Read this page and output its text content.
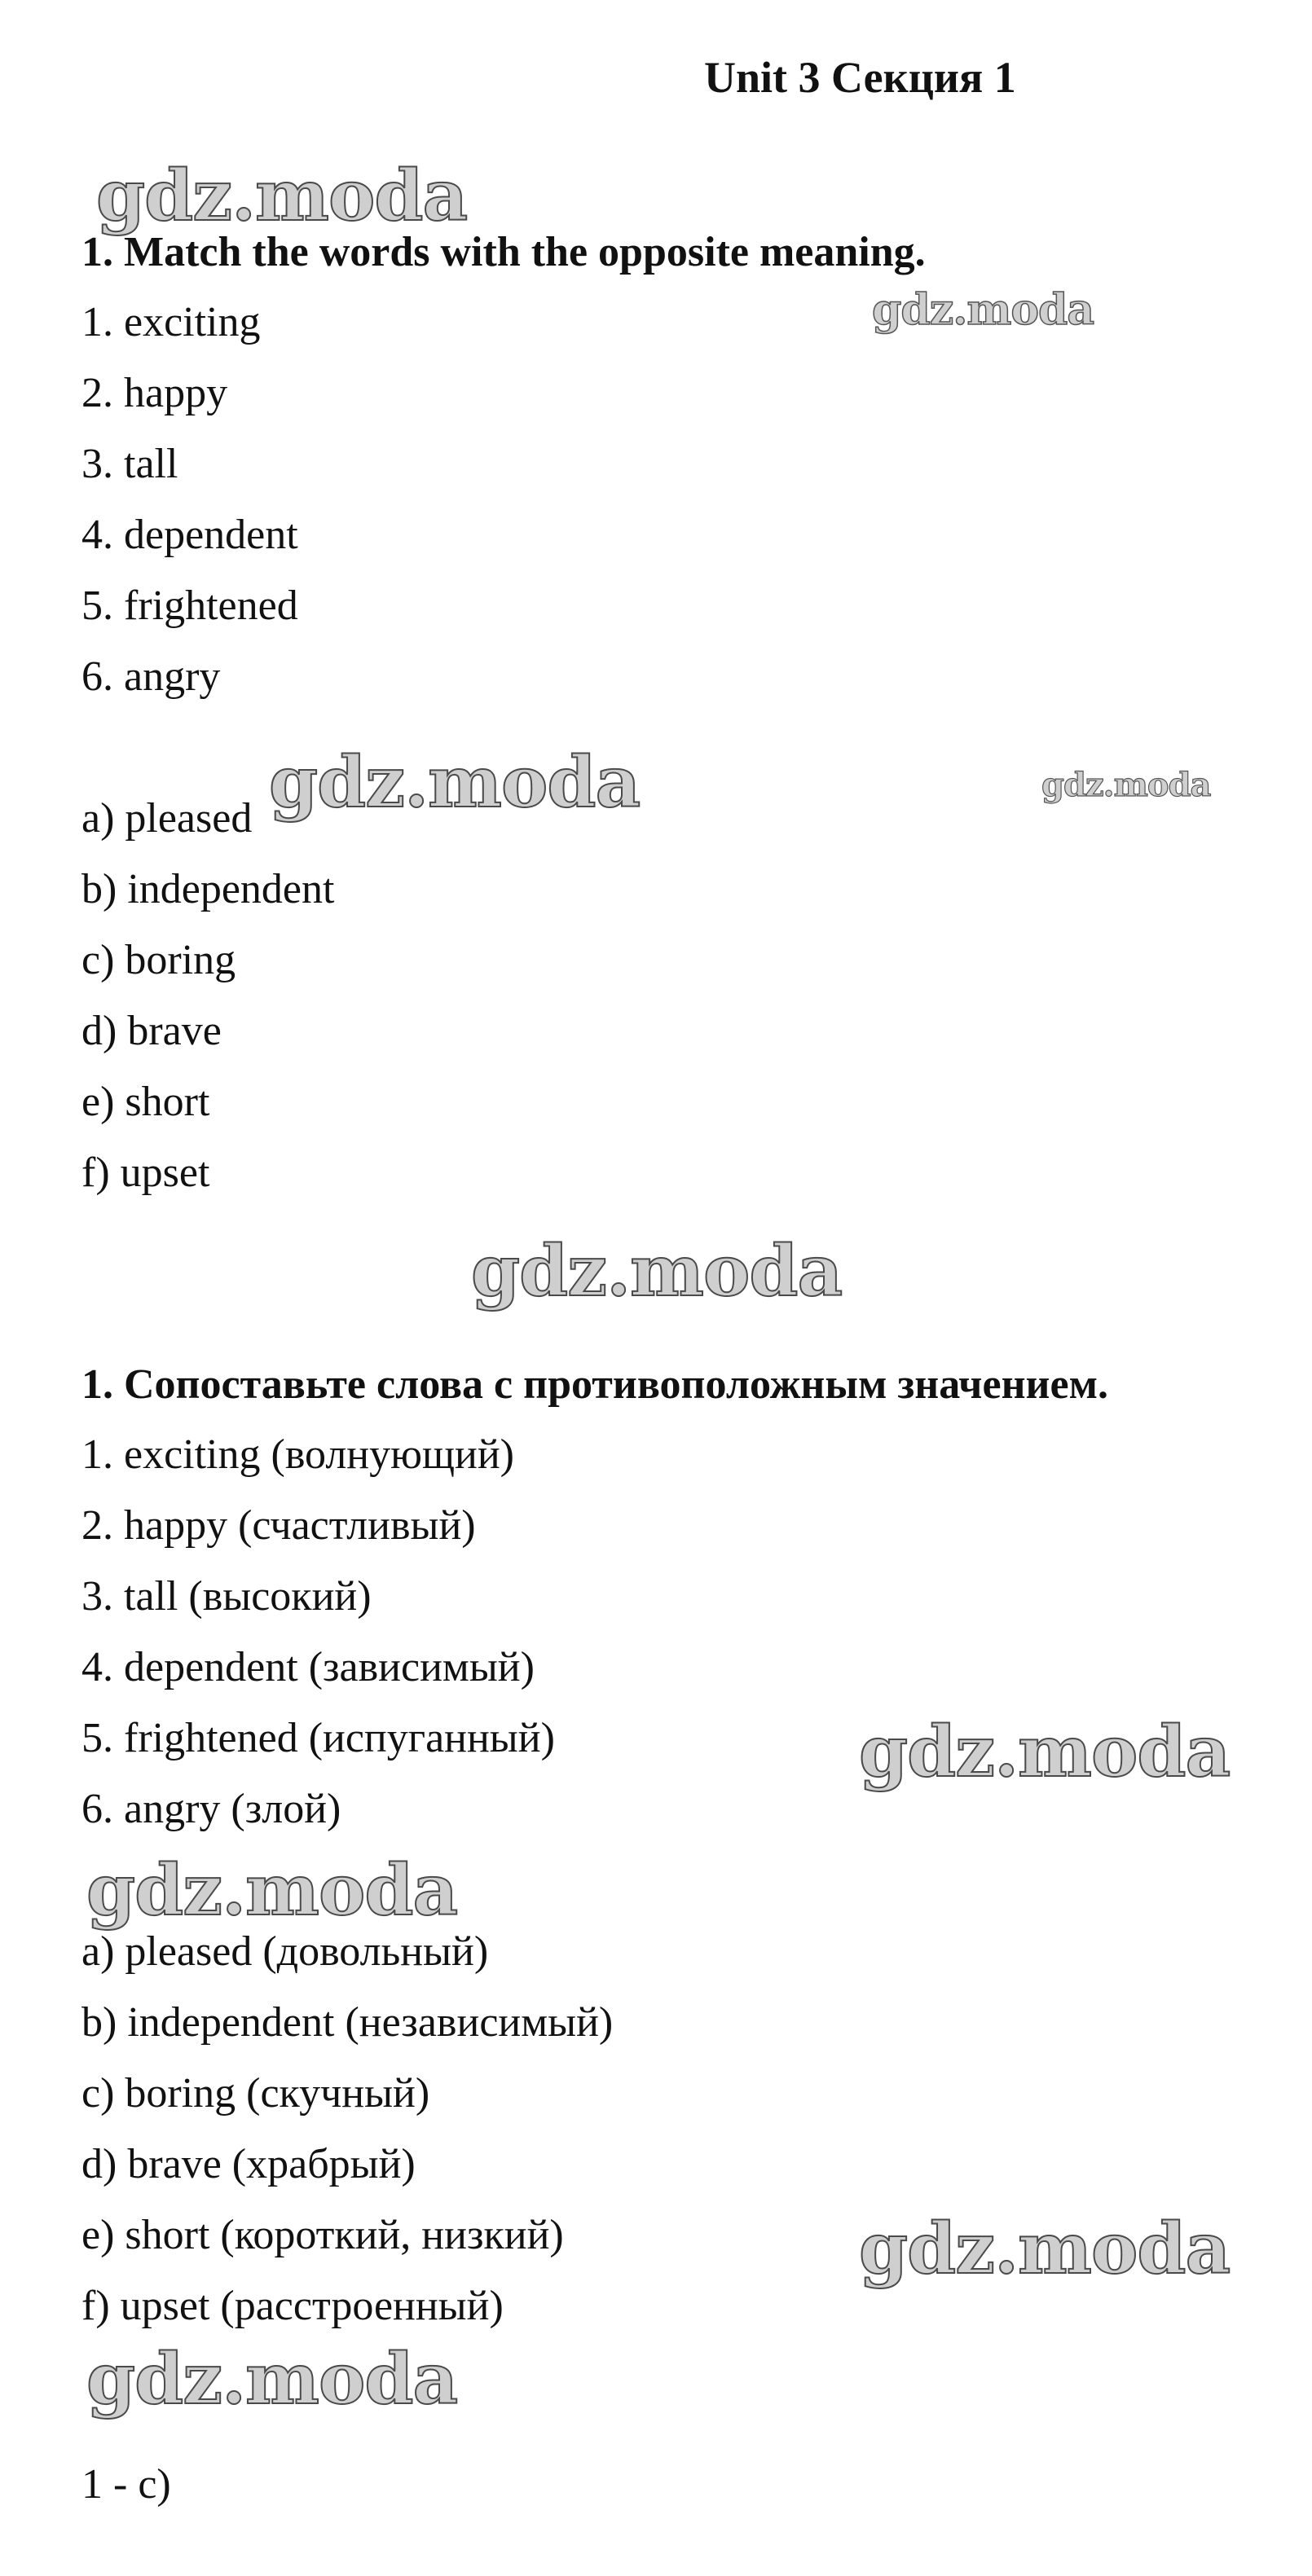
Unit 3 Секция 1
gdz.moda
gdz.moda
gdz.moda	gdz.moda
gdz.moda
gdz.moda
gdz.moda
gdz.moda
gdz.moda
1. Match the words with the opposite meaning.
1. exciting
2. happy
3. tall
4. dependent
5. frightened
6. angry
a) pleased
b) independent
c) boring
d) brave
e) short
f) upset
1. Сопоставьте слова с противоположным значением.
1. exciting (волнующий)
2. happy (счастливый)
3. tall (высокий)
4. dependent (зависимый)
5. frightened (испуганный)
6. angry (злой)
a) pleased (довольный)
b) independent (независимый)
c) boring (скучный)
d) brave (храбрый)
e) short (короткий, низкий)
f) upset (расстроенный)
1 - c)
